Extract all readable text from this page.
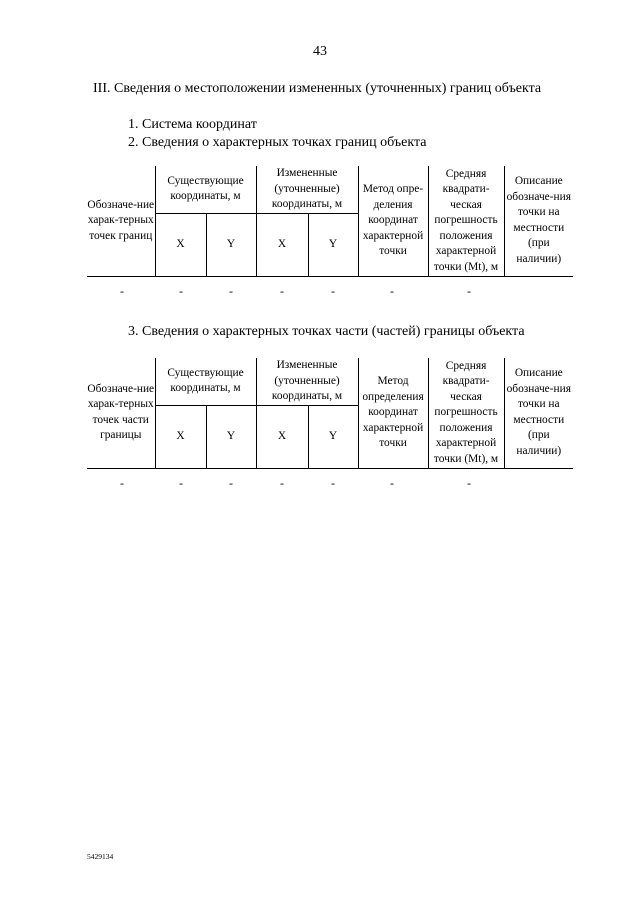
43
III. Сведения о местоположении измененных (уточненных) границ объекта
1. Система координат
2. Сведения о характерных точках границ объекта
Обозначе-ние харак-терных точек границ	Существующие координаты, м		Измененные (уточненные) координаты, м		Метод опре-деления координат характерной точки	Средняя квадрати-ческая погрешность положения характерной точки (Mt), м	Описание обозначе-ния точки на местности (при наличии)
	X	Y	X	Y			
-	-	-	-	-	-	-
3. Сведения о характерных точках части (частей) границы объекта
Обозначе-ние харак-терных точек части границы	Существующие координаты, м		Измененные (уточненные) координаты, м		Метод определения координат характерной точки	Средняя квадрати-ческая погрешность положения характерной точки (Mt), м	Описание обозначе-ния точки на местности (при наличии)
	X	Y	X	Y			
-	-	-	-	-	-	-
5429134
